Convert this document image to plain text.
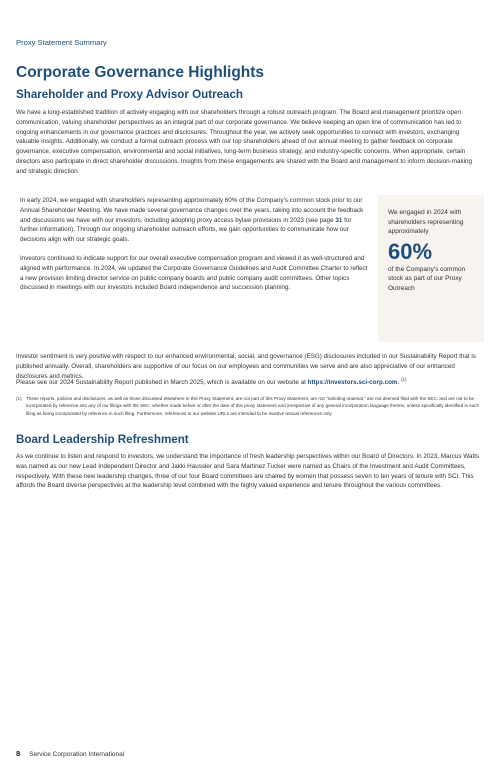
Proxy Statement Summary
Corporate Governance Highlights
Shareholder and Proxy Advisor Outreach

We have a long-established tradition of actively engaging with our shareholders through a robust outreach program. The Board and management prioritize open communication, valuing shareholder perspectives as an integral part of our corporate governance. We believe keeping an open line of communication has led to ongoing enhancements in our governance practices and disclosures. Throughout the year, we actively seek opportunities to connect with investors, exchanging valuable insights. Additionally, we conduct a formal outreach process with our top shareholders ahead of our annual meeting to gather feedback on corporate governance, executive compensation, environmental and social initiatives, long-term business strategy, and industry-specific concerns. When appropriate, certain directors also participate in direct shareholder discussions. Insights from these engagements are shared with the Board and management to inform decision-making and strategic direction.

In early 2024, we engaged with shareholders representing approximately 60% of the Company's common stock prior to our Annual Shareholder Meeting. We have made several governance changes over the years, taking into account the feedback and discussions we have with our investors, including adopting proxy access bylaw provisions in 2023 (see page 31 for further information). Through our ongoing shareholder outreach efforts, we gain opportunities to communicate how our decisions align with our strategic goals.

Investors continued to indicate support for our overall executive compensation program and viewed it as well-structured and aligned with performance. In 2024, we updated the Corporate Governance Guidelines and Audit Committee Charter to reflect a new provision limiting director service on public company boards and public company audit committees. Other topics discussed in meetings with our investors included Board independence and succession planning.

We engaged in 2024 with shareholders representing approximately

60%

of the Company's common stock as part of our Proxy Outreach

Investor sentiment is very positive with respect to our enhanced environmental, social, and governance (ESG) disclosures included in our Sustainability Report that is published annually. Overall, shareholders are supportive of our focus on our employees and communities we serve and are also appreciative of our enhanced disclosures and metrics.

Please see our 2024 Sustainability Report published in March 2025, which is available on our website at https://investors.sci-corp.com. $^{(1)}$

(1) These reports, policies and disclosures, as well as those discussed elsewhere in this Proxy Statement, are not part of this Proxy Statement, are not "soliciting material," are not deemed filed with the SEC, and are not to be incorporated by reference into any of our filings with the SEC, whether made before or after the date of this proxy statement and irrespective of any general incorporation language therein, unless specifically identified in such filing as being incorporated by reference in such filing. Furthermore, references to our website URLs are intended to be inactive textual references only.
Board Leadership Refreshment

As we continue to listen and respond to investors, we understand the importance of fresh leadership perspectives within our Board of Directors. In 2023, Marcus Watts was named as our new Lead Independent Director and Jakki Haussler and Sara Martinez Tucker were named as Chairs of the Investment and Audit Committees, respectively. With these new leadership changes, three of our four Board committees are chaired by women that possess seven to ten years of tenure with SCI. This affords the Board diverse perspectives at the leadership level combined with the highly valued experience and tenure throughout the various committees.

8 Service Corporation International
